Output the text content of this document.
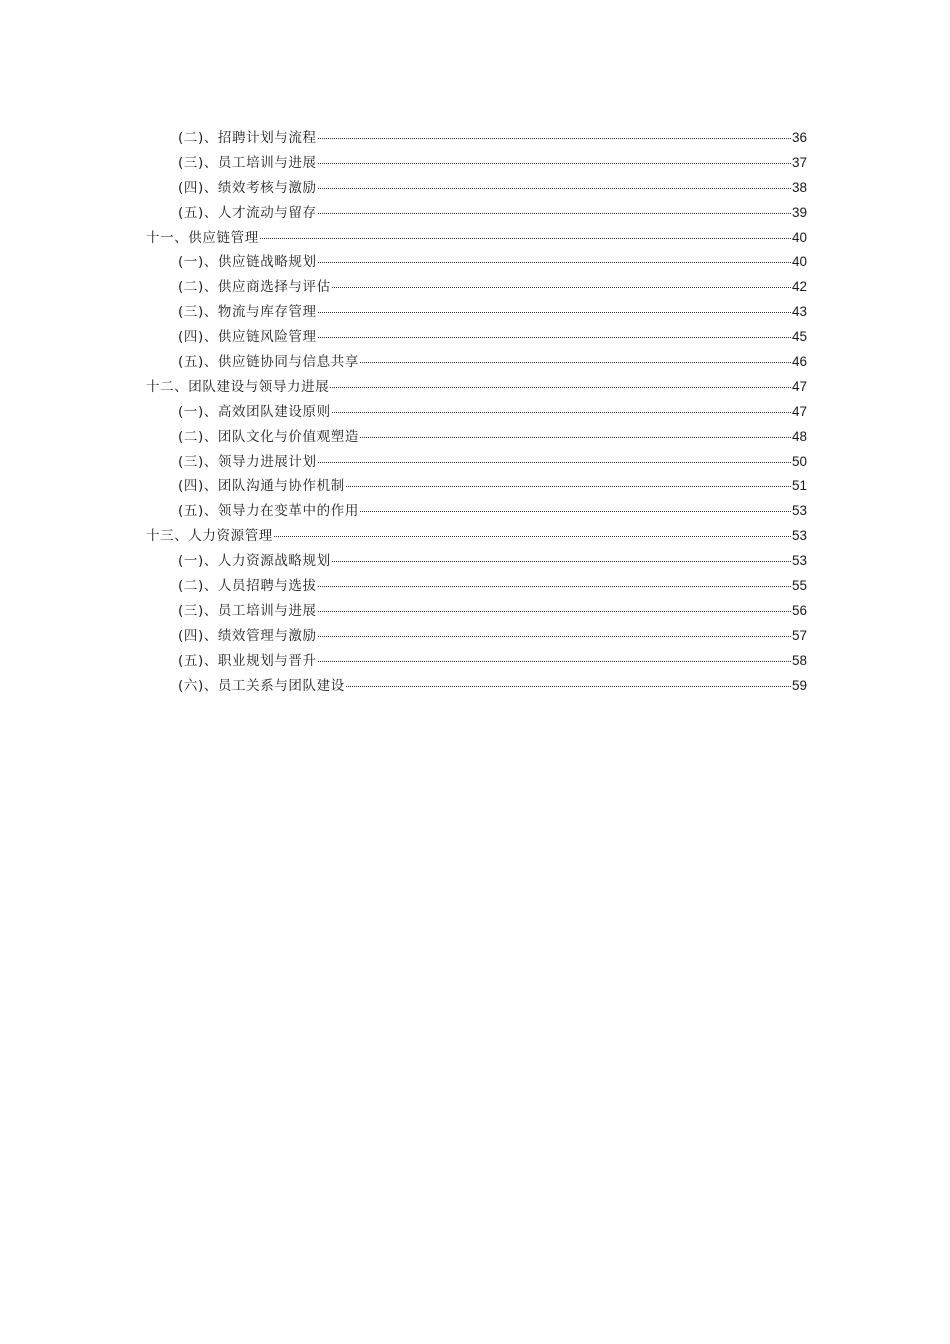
(二)、招聘计划与流程	36
(三)、员工培训与进展	37
(四)、绩效考核与激励	38
(五)、人才流动与留存	39
十一、供应链管理	40
(一)、供应链战略规划	40
(二)、供应商选择与评估	42
(三)、物流与库存管理	43
(四)、供应链风险管理	45
(五)、供应链协同与信息共享	46
十二、团队建设与领导力进展	47
(一)、高效团队建设原则	47
(二)、团队文化与价值观塑造	48
(三)、领导力进展计划	50
(四)、团队沟通与协作机制	51
(五)、领导力在变革中的作用	53
十三、人力资源管理	53
(一)、人力资源战略规划	53
(二)、人员招聘与选拔	55
(三)、员工培训与进展	56
(四)、绩效管理与激励	57
(五)、职业规划与晋升	58
(六)、员工关系与团队建设	59
